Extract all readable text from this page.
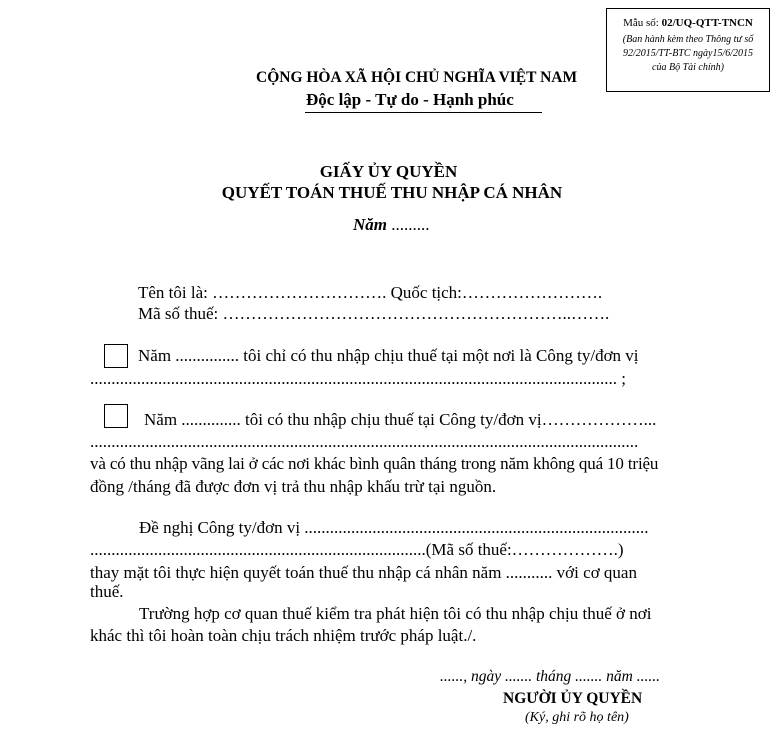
Mẫu số: 02/UQ-QTT-TNCN
(Ban hành kèm theo Thông tư số
92/2015/TT-BTC ngày15/6/2015
của Bộ Tài chính)
CỘNG HÒA XÃ HỘI CHỦ NGHĨA VIỆT NAM
Độc lập - Tự do - Hạnh phúc
GIẤY ỦY QUYỀN
QUYẾT TOÁN THUẾ THU NHẬP CÁ NHÂN
Năm .........
Tên tôi là: …………………………. Quốc tịch:…………………….
Mã số thuế: ……………………………………………………..…….
Năm ............... tôi chỉ có thu nhập chịu thuế tại một nơi là Công ty/đơn vị
............................................................................................................................ ;
Năm .............. tôi có thu nhập chịu thuế tại Công ty/đơn vị………………...
.................................................................................................................................
và có thu nhập vãng lai ở các nơi khác bình quân tháng trong năm không quá 10 triệu
đồng /tháng đã được đơn vị trả thu nhập khấu trừ tại nguồn.
Đề nghị Công ty/đơn vị .................................................................................
...............................................................................(Mã số thuế:……………….)
thay mặt tôi thực hiện quyết toán thuế thu nhập cá nhân năm ........... với cơ quan
thuế.
Trường hợp cơ quan thuế kiểm tra phát hiện tôi có thu nhập chịu thuế ở nơi
khác thì tôi hoàn toàn chịu trách nhiệm trước pháp luật./.
......, ngày ....... tháng ....... năm ......
NGƯỜI ỦY QUYỀN
(Ký, ghi rõ họ tên)
